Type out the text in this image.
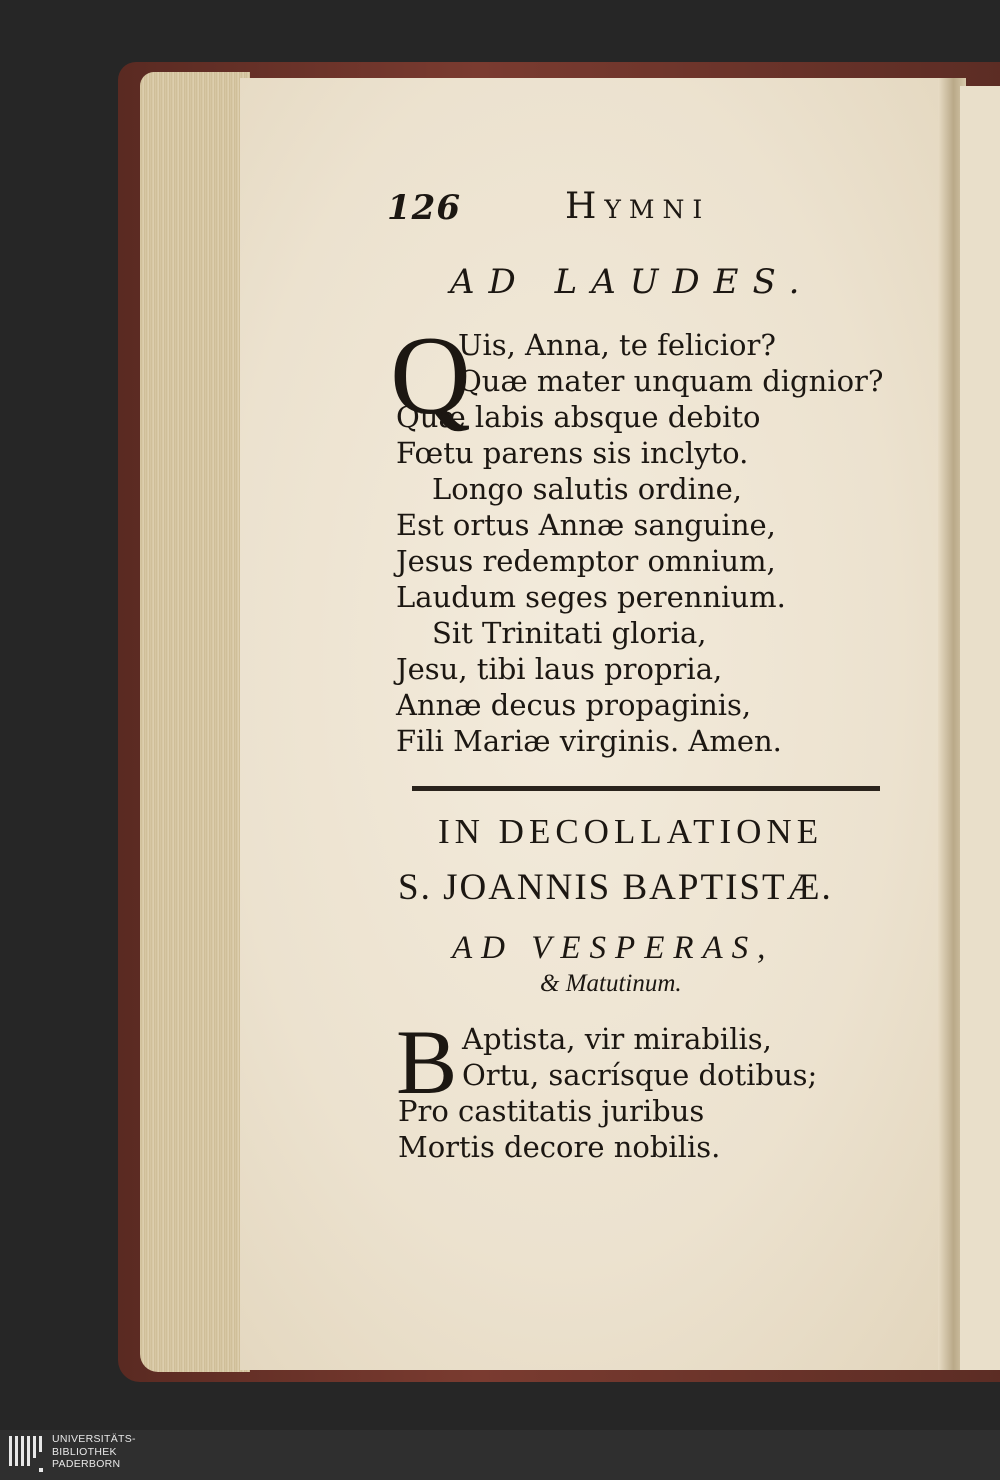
126	Hymni
AD LAUDES.
Q
Uis, Anna, te felicior?
Quæ mater unquam dignior?
Quæ labis absque debito
Fœtu parens sis inclyto.
Longo salutis ordine,
Est ortus Annæ sanguine,
Jesus redemptor omnium,
Laudum seges perennium.
Sit Trinitati gloria,
Jesu, tibi laus propria,
Annæ decus propaginis,
Fili Mariæ virginis. Amen.
IN DECOLLATIONE
S. JOANNIS BAPTISTÆ.
AD VESPERAS,
& Matutinum.
B Aptista, vir mirabilis,
Ortu, sacrísque dotibus;
Pro castitatis juribus
Mortis decore nobilis.
UNIVERSITÄTS-
BIBLIOTHEK
PADERBORN
